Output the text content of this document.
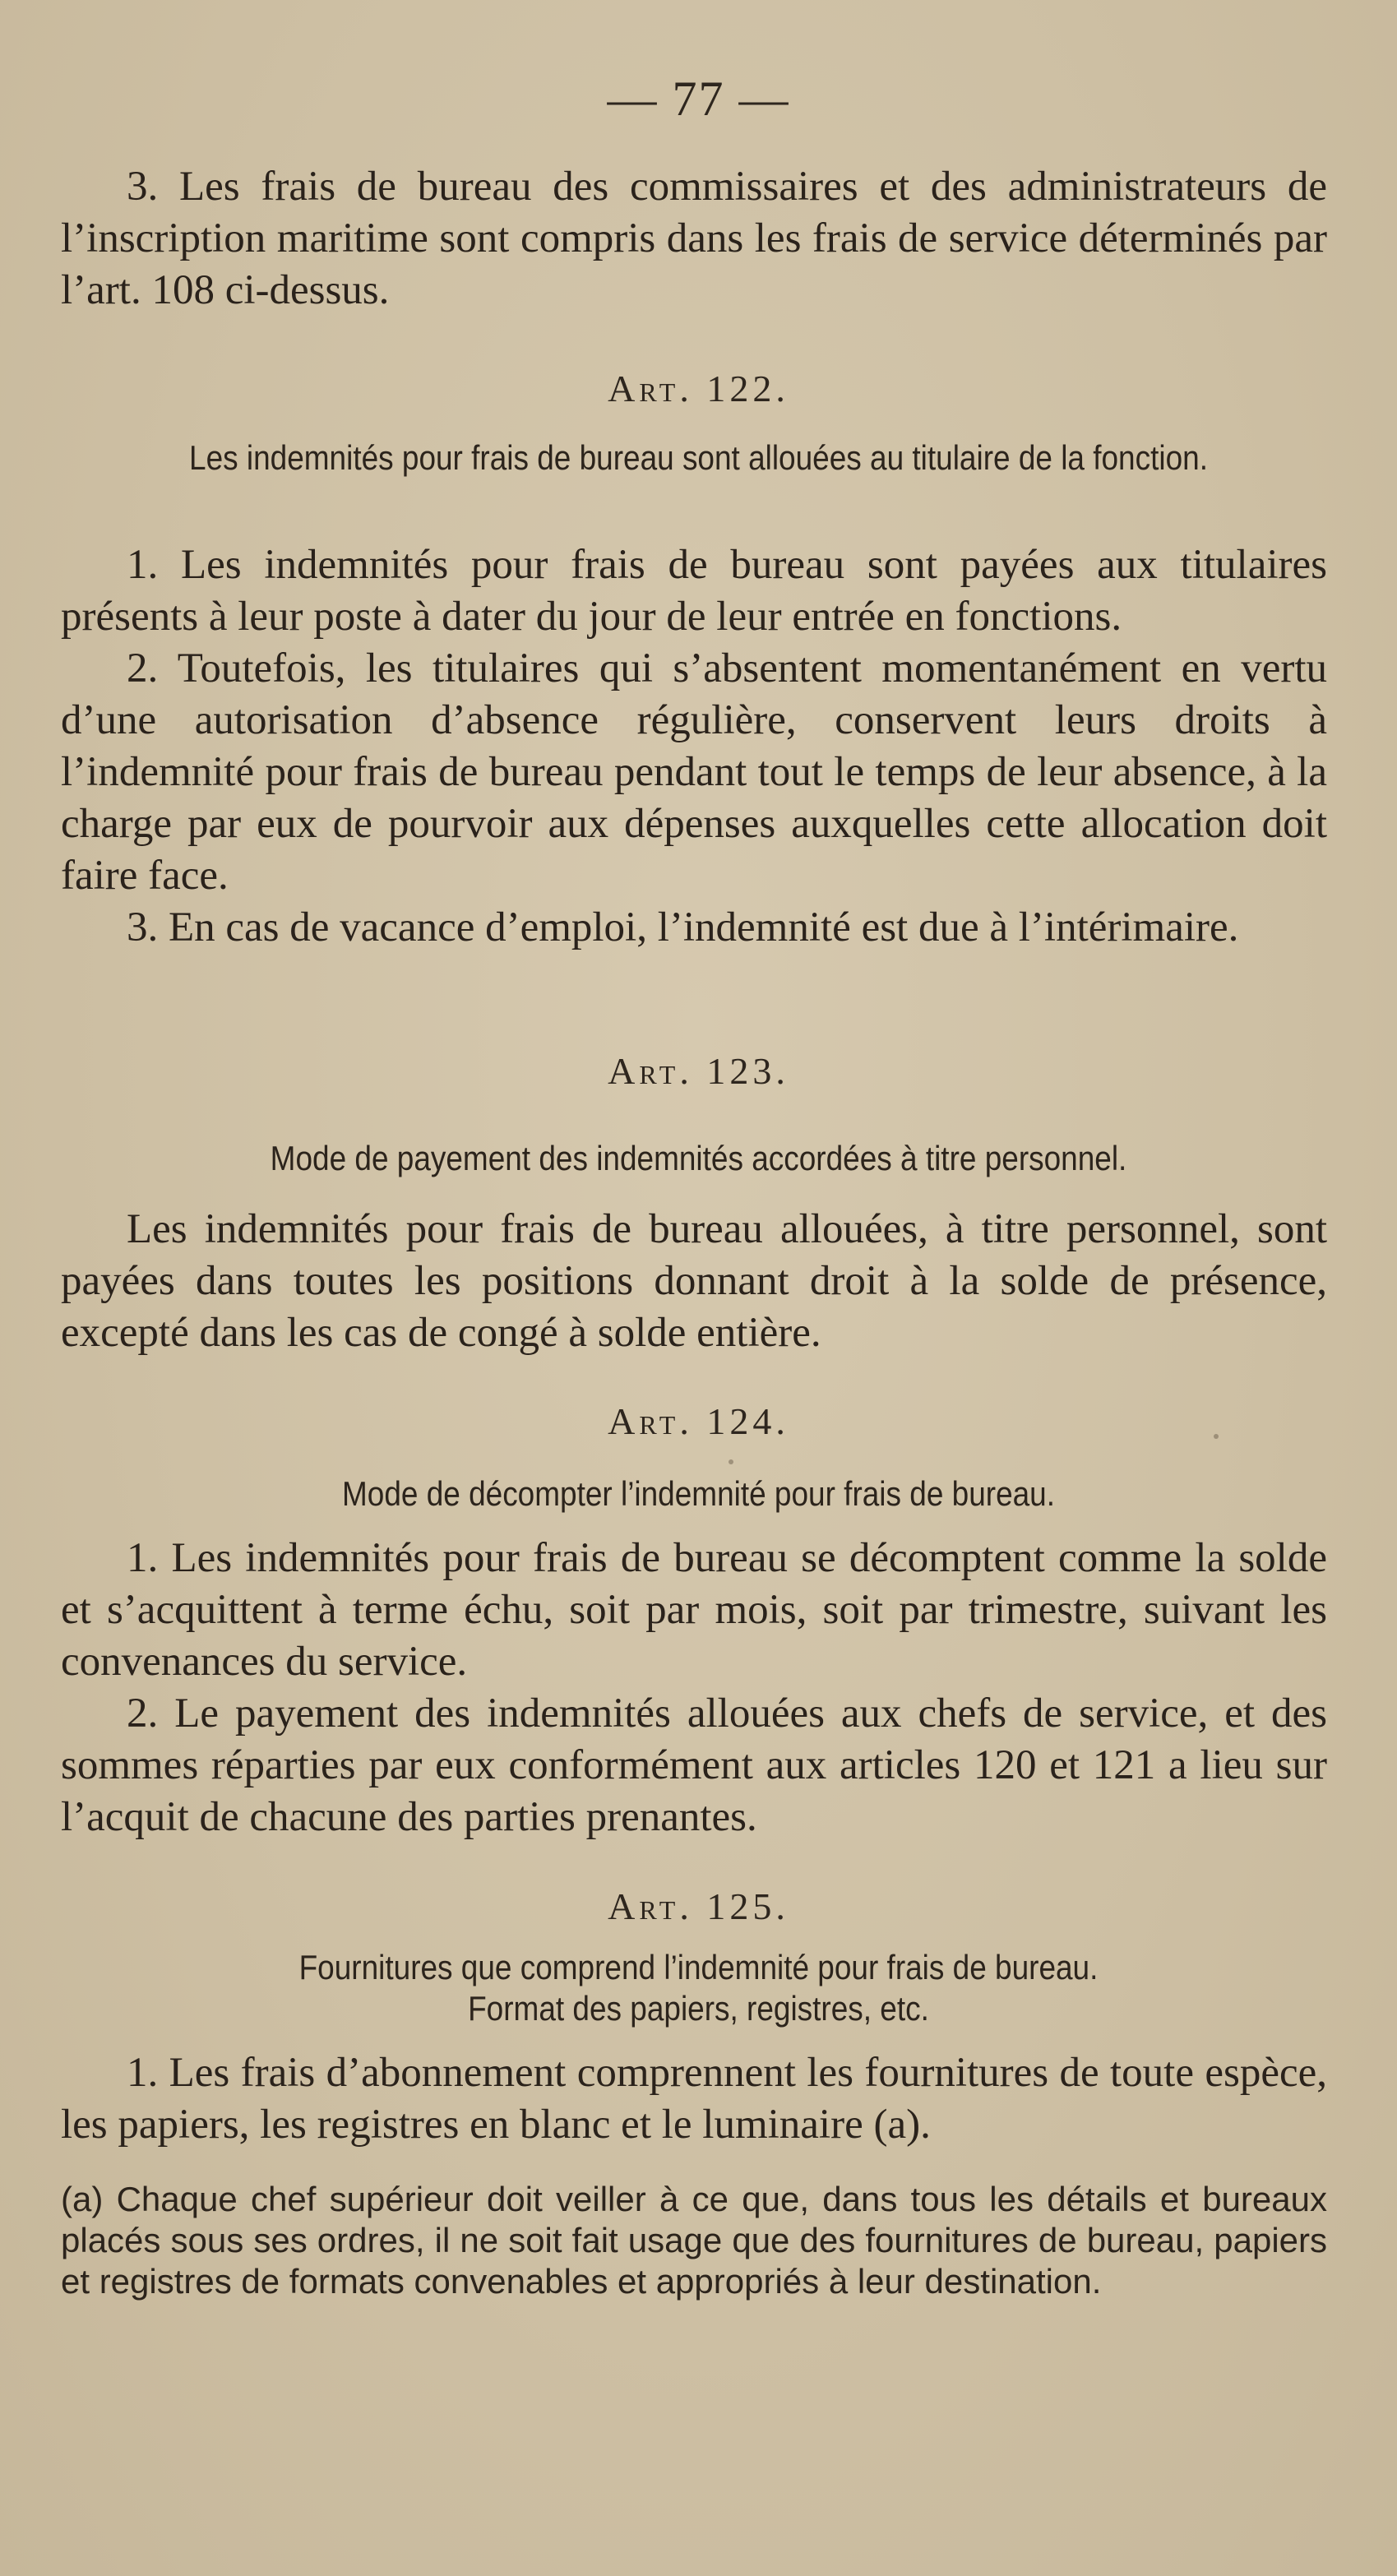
— 77 —

3. Les frais de bureau des commissaires et des administrateurs de l’inscription maritime sont compris dans les frais de service déterminés par l’art. 108 ci-dessus.

Art. 122.
Les indemnités pour frais de bureau sont allouées au titulaire de la fonction.

1. Les indemnités pour frais de bureau sont payées aux titulaires présents à leur poste à dater du jour de leur entrée en fonctions.

2. Toutefois, les titulaires qui s’absentent momentanément en vertu d’une autorisation d’absence régulière, conservent leurs droits à l’indemnité pour frais de bureau pendant tout le temps de leur absence, à la charge par eux de pourvoir aux dépenses auxquelles cette allocation doit faire face.

3. En cas de vacance d’emploi, l’indemnité est due à l’intérimaire.

Art. 123.
Mode de payement des indemnités accordées à titre personnel.

Les indemnités pour frais de bureau allouées, à titre personnel, sont payées dans toutes les positions donnant droit à la solde de présence, excepté dans les cas de congé à solde entière.

Art. 124.
Mode de décompter l’indemnité pour frais de bureau.

1. Les indemnités pour frais de bureau se décomptent comme la solde et s’acquittent à terme échu, soit par mois, soit par trimestre, suivant les convenances du service.

2. Le payement des indemnités allouées aux chefs de service, et des sommes réparties par eux conformément aux articles 120 et 121 a lieu sur l’acquit de chacune des parties prenantes.

Art. 125.
Fournitures que comprend l’indemnité pour frais de bureau.
Format des papiers, registres, etc.

1. Les frais d’abonnement comprennent les fournitures de toute espèce, les papiers, les registres en blanc et le luminaire (a).

(a) Chaque chef supérieur doit veiller à ce que, dans tous les détails et bureaux placés sous ses ordres, il ne soit fait usage que des fournitures de bureau, papiers et registres de formats convenables et appropriés à leur destination.
